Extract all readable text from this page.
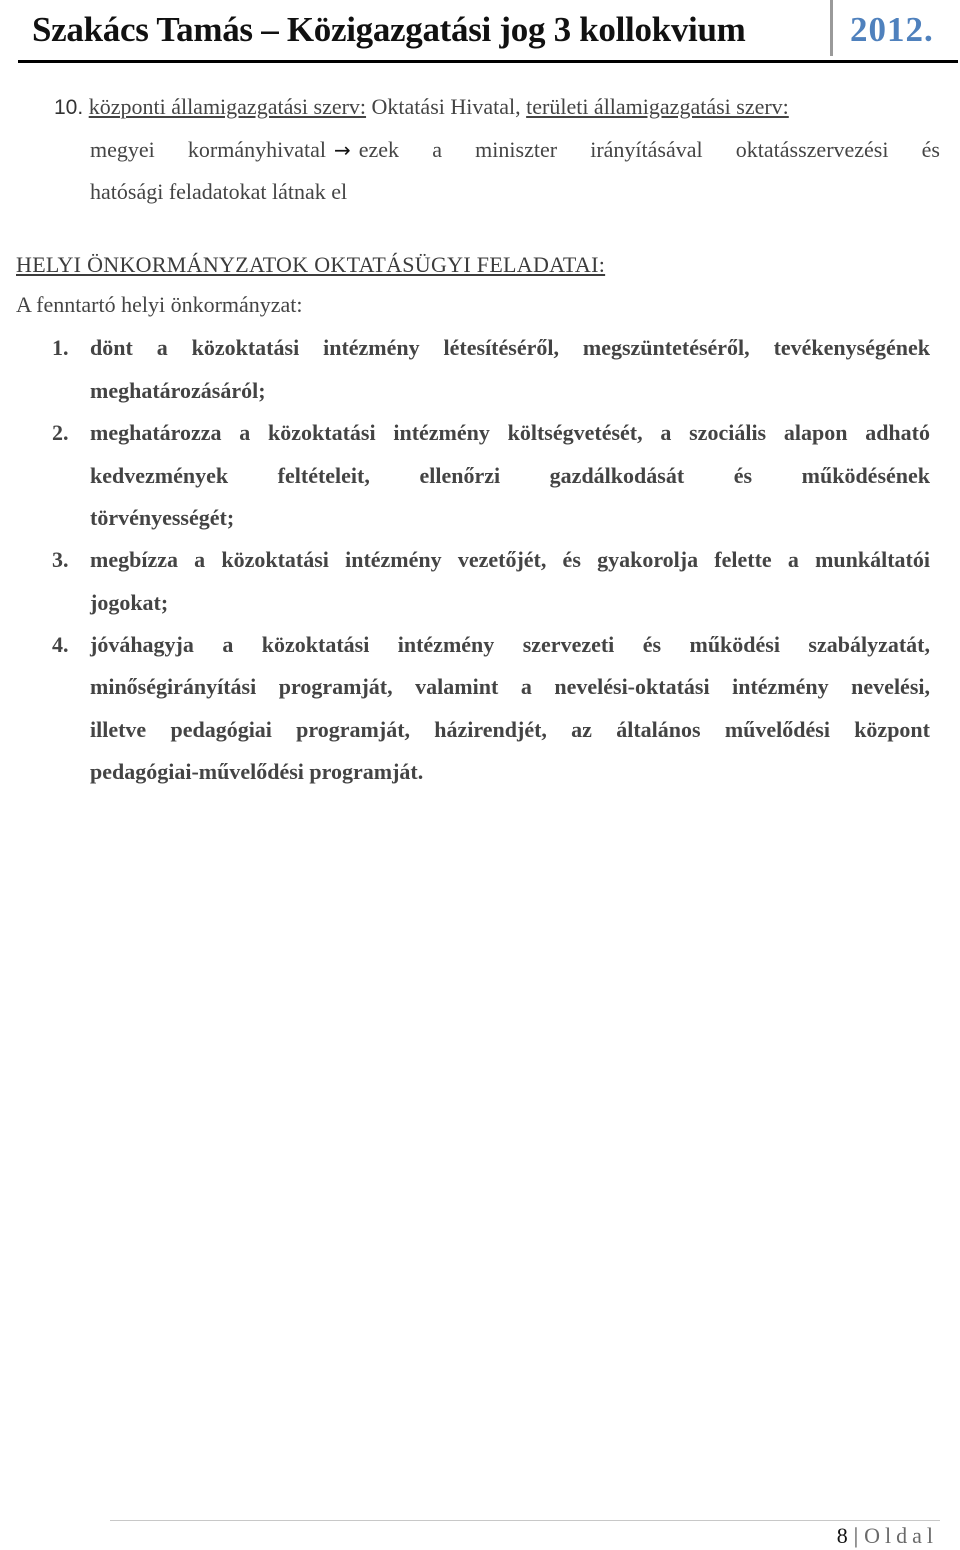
Szakács Tamás – Közigazgatási jog 3 kollokvium	2012.
10. központi államigazgatási szerv: Oktatási Hivatal, területi államigazgatási szerv:
megyei kormányhivatal → ezek a miniszter irányításával oktatásszervezési és
hatósági feladatokat látnak el
HELYI ÖNKORMÁNYZATOK OKTATÁSÜGYI FELADATAI:
A fenntartó helyi önkormányzat:
1. dönt a közoktatási intézmény létesítéséről, megszüntetéséről, tevékenységének
meghatározásáról;
2. meghatározza a közoktatási intézmény költségvetését, a szociális alapon adható
kedvezmények feltételeit, ellenőrzi gazdálkodását és működésének
törvényességét;
3. megbízza a közoktatási intézmény vezetőjét, és gyakorolja felette a munkáltatói
jogokat;
4. jóváhagyja a közoktatási intézmény szervezeti és működési szabályzatát,
minőségirányítási programját, valamint a nevelési-oktatási intézmény nevelési,
illetve pedagógiai programját, házirendjét, az általános művelődési központ
pedagógiai-művelődési programját.
8 | Oldal
